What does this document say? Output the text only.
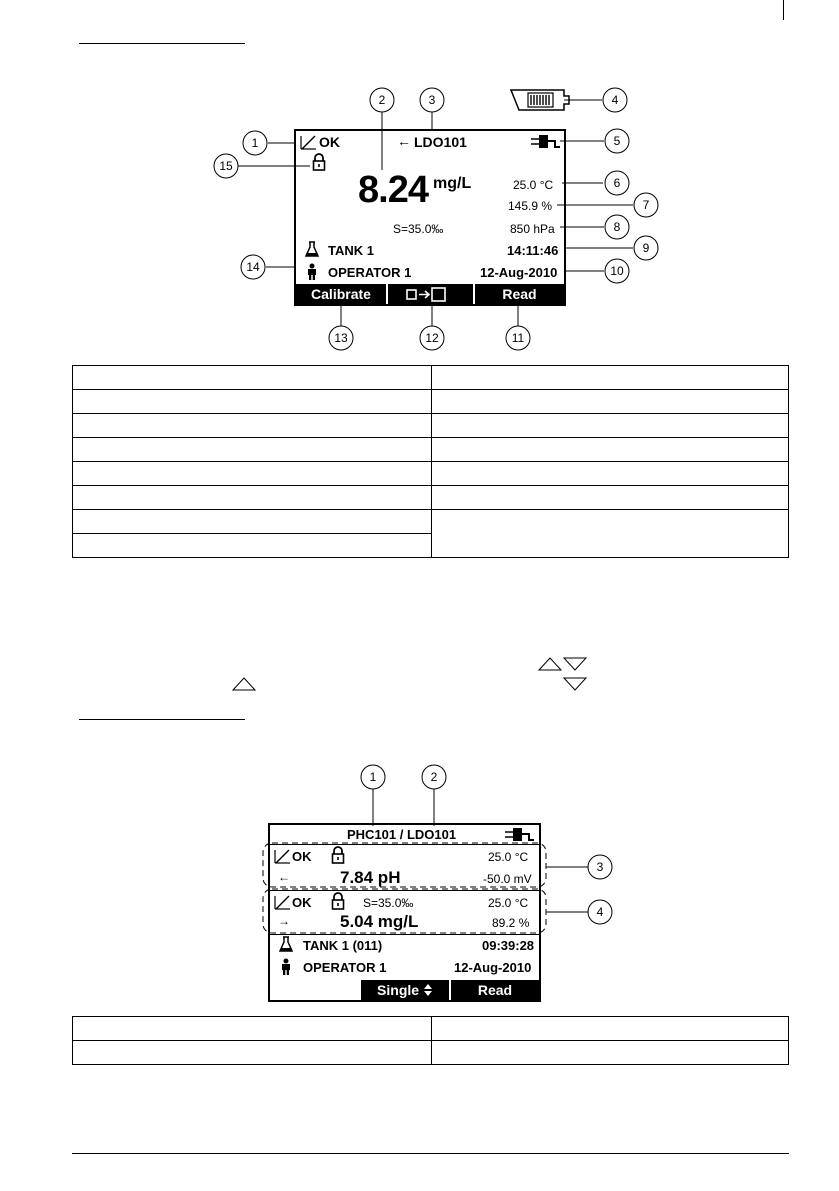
OK	← LDO101
8.24 mg/L	25.0 °C
145.9 %
S=35.0‰	850 hPa
TANK 1	14:11:46
OPERATOR 1	12-Aug-2010
Calibrate	Read
1
2	3	4
5
6
7
8
9
10
11
12
13
14
15

PHC101 / LDO101
OK	25.0 °C
←	7.84 pH	-50.0 mV
OK	S=35.0‰	25.0 °C
→	5.04 mg/L	89.2 %
TANK 1 (011)	09:39:28
OPERATOR 1	12-Aug-2010
Single	Read
1	2
3
4
